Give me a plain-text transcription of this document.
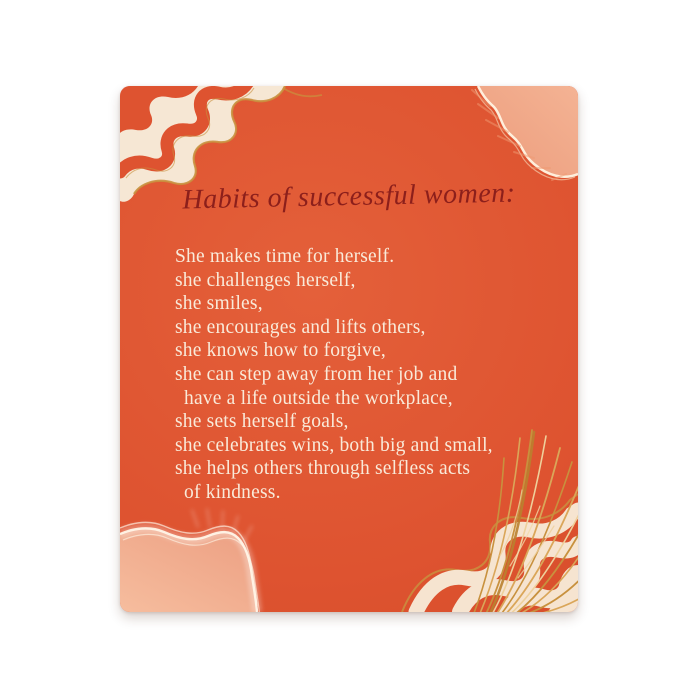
Habits of successful women:
She makes time for herself.
she challenges herself,
she smiles,
she encourages and lifts others,
she knows how to forgive,
she can step away from her job and
have a life outside the workplace,
she sets herself goals,
she celebrates wins, both big and small,
she helps others through selfless acts
of kindness.
